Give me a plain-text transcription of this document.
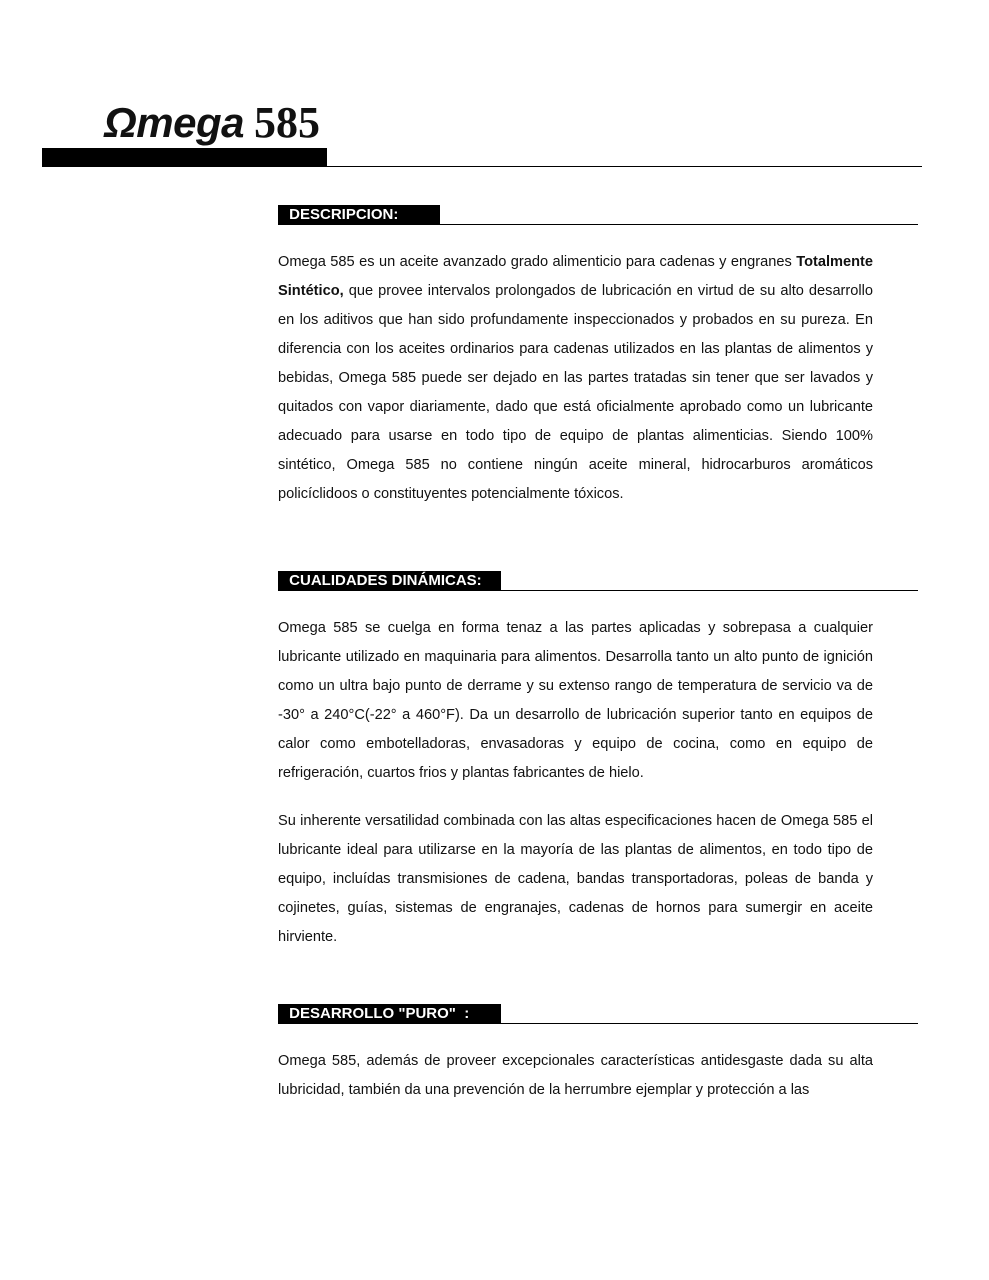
Ωmega 585
DESCRIPCION:

Omega 585 es un aceite avanzado grado alimenticio para cadenas y engranes Totalmente Sintético, que provee intervalos prolongados de lubricación en virtud de su alto desarrollo en los aditivos que han sido profundamente inspeccionados y probados en su pureza. En diferencia con los aceites ordinarios para cadenas utilizados en las plantas de alimentos y bebidas, Omega 585 puede ser dejado en las partes tratadas sin tener que ser lavados y quitados con vapor diariamente, dado que está oficialmente aprobado como un lubricante adecuado para usarse en todo tipo de equipo de plantas alimenticias. Siendo 100% sintético, Omega 585 no contiene ningún aceite mineral, hidrocarburos aromáticos policíclidoos o constituyentes potencialmente tóxicos.

CUALIDADES DINÁMICAS:

Omega 585 se cuelga en forma tenaz a las partes aplicadas y sobrepasa a cualquier lubricante utilizado en maquinaria para alimentos. Desarrolla tanto un alto punto de ignición como un ultra bajo punto de derrame y su extenso rango de temperatura de servicio va de -30° a 240°C(-22° a 460°F). Da un desarrollo de lubricación superior tanto en equipos de calor como embotelladoras, envasadoras y equipo de cocina, como en equipo de refrigeración, cuartos frios y plantas fabricantes de hielo.

Su inherente versatilidad combinada con las altas especificaciones hacen de Omega 585 el lubricante ideal para utilizarse en la mayoría de las plantas de alimentos, en todo tipo de equipo, incluídas transmisiones de cadena, bandas transportadoras, poleas de banda y cojinetes, guías, sistemas de engranajes, cadenas de hornos para sumergir en aceite hirviente.

DESARROLLO "PURO"  :

Omega 585, además de proveer excepcionales características antidesgaste dada su alta lubricidad, también da una prevención de la herrumbre ejemplar y protección a las
